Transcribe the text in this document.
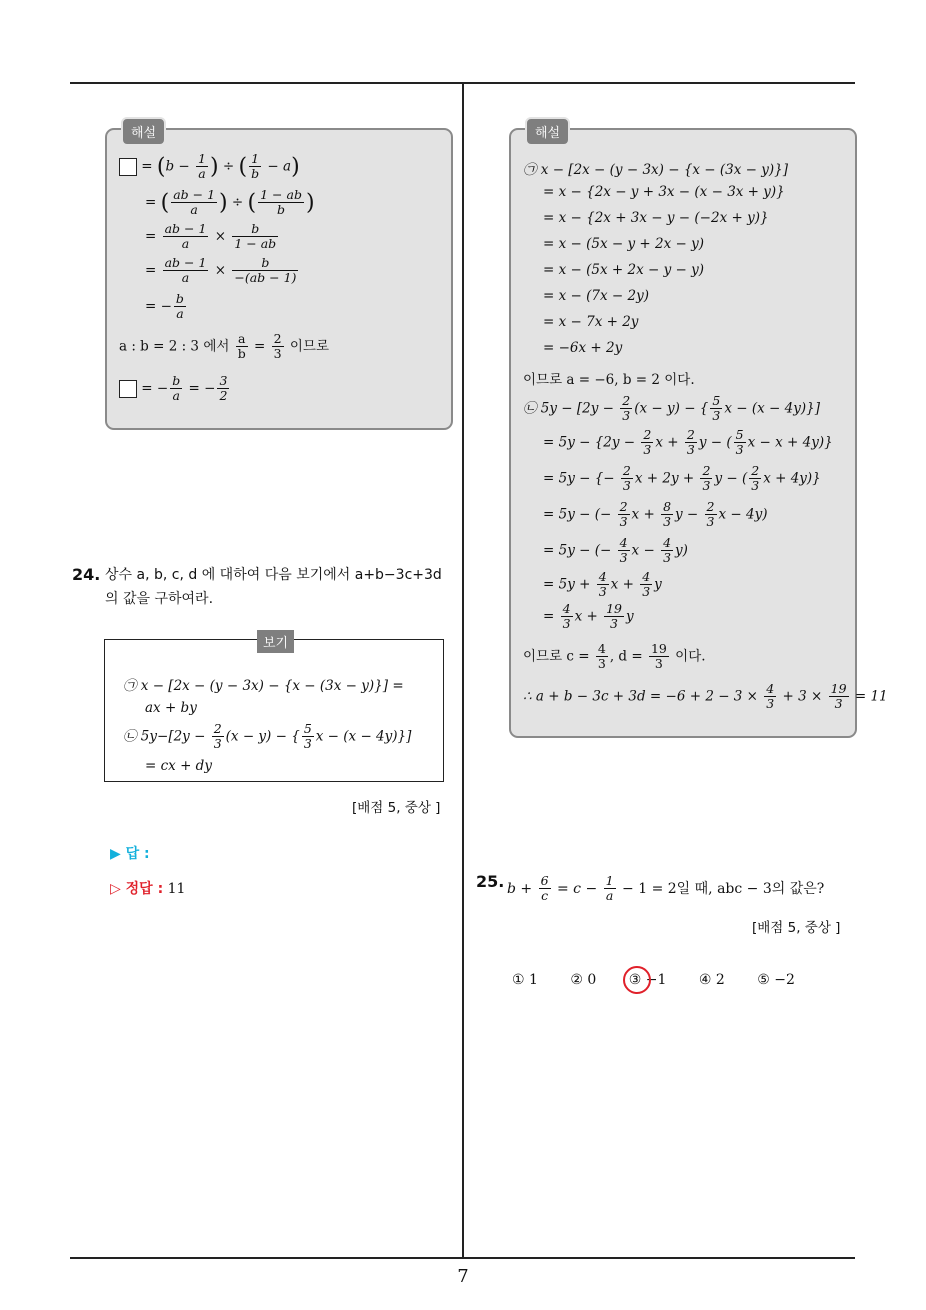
해설
= ($b - \frac{1}{a}$ ) ÷ ( $\frac{1}{b} - a$)
= ( $\frac{ab - 1}{a}$ ) ÷ ( $\frac{1 - ab}{b}$ )
= $\frac{ab - 1}{a} \times \frac{b}{1 - ab}$
= $\frac{ab - 1}{a} \times \frac{b}{-(ab - 1)}$
= − $\frac{b}{a}$
a : b = 2 : 3 에서 $\frac{a}{b} = \frac{2}{3}$ 이므로
= − $\frac{b}{a}$ = − $\frac{3}{2}$
24. 상수 a, b, c, d 에 대하여 다음 보기에서 a+b−3c+3d
의 값을 구하여라.
보기
㉠ x − [2x − (y − 3x) − {x − (3x − y)}] =
ax + by
㉡ $5y-[2y - \frac{2}{3} (x - y)$ − { $\frac{5}{3}$ x − (x − 4y)}]
= cx + dy
[배점 5, 중상 ]
▶ 답 :
▷ 정답 : 11
해설
㉠ x − [2x − (y − 3x) − {x − (3x − y)}]
= x − {2x − y + 3x − (x − 3x + y)}
= x − {2x + 3x − y − (−2x + y)}
= x − (5x − y + 2x − y)
= x − (5x + 2x − y − y)
= x − (7x − 2y)
= x − 7x + 2y
= −6x + 2y
이므로 a = −6, b = 2 이다.
㉡ $5y - [2y - \frac{2}{3} (x - y)$ − { $\frac{5}{3}$ x − (x − 4y)}]
= $5y - \{2y - \frac{2}{3}$ $x + \frac{2}{3}$ y − ( $\frac{5}{3}$ x − x + 4y)}
= 5y − {− $\frac{2}{3}$ $x + 2y + \frac{2}{3}$ y − ( $\frac{2}{3}$ x + 4y)}
= 5y − (− $\frac{2}{3}$ $x + \frac{8}{3}$ $y - \frac{2}{3}$ x − 4y)
= 5y − (− $\frac{4}{3}$ $x - \frac{4}{3} y$)
= $5y + \frac{4}{3}$ $x + \frac{4}{3}$ y
= $\frac{4}{3}$ $x + \frac{19}{3}$ y
이므로 $c = \frac{4}{3}$ , $d = \frac{19}{3}$ 이다.
∴ $a + b - 3c + 3d = -6 + 2 - 3 \times \frac{4}{3} + 3 \times \frac{19}{3} = 11$
25. $b + \frac{6}{c} = c - \frac{1}{a} - 1 = 2$일 때, abc − 3의 값은?
[배점 5, 중상 ]
① 1 ② 0 ③ −1 ④ 2 ⑤ −2
7
